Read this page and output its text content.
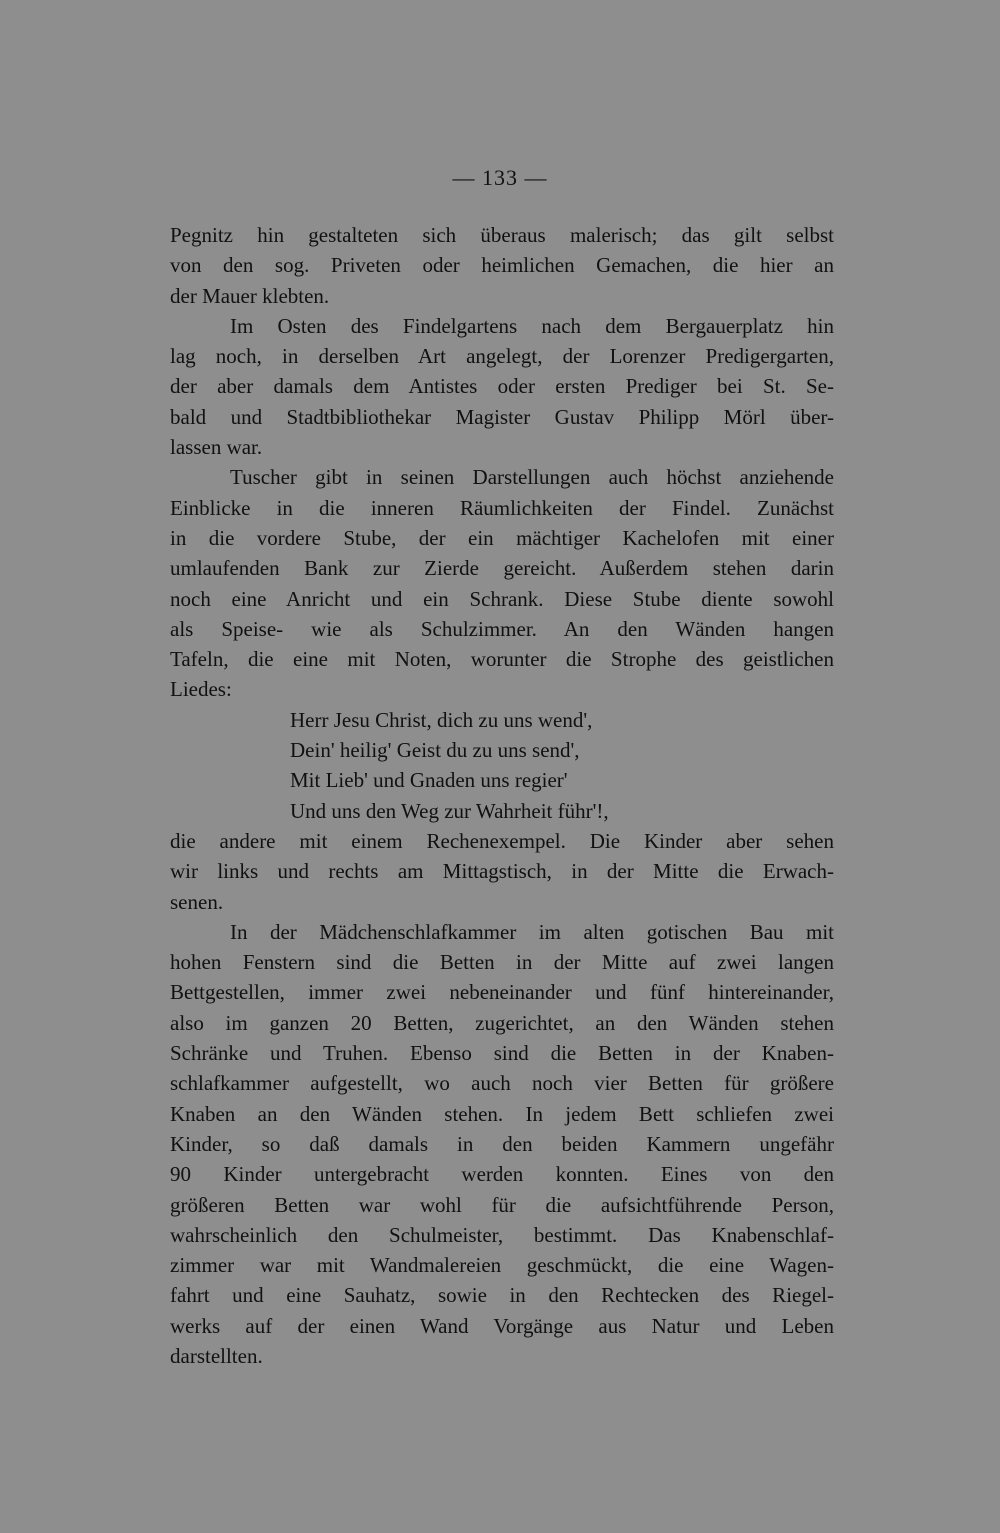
— 133 —
Pegnitz hin gestalteten sich überaus malerisch; das gilt selbst
von den sog. Priveten oder heimlichen Gemachen, die hier an
der Mauer klebten.
Im Osten des Findelgartens nach dem Bergauerplatz hin
lag noch, in derselben Art angelegt, der Lorenzer Predigergarten,
der aber damals dem Antistes oder ersten Prediger bei St. Se-
bald und Stadtbibliothekar Magister Gustav Philipp Mörl über-
lassen war.
Tuscher gibt in seinen Darstellungen auch höchst anziehende
Einblicke in die inneren Räumlichkeiten der Findel. Zunächst
in die vordere Stube, der ein mächtiger Kachelofen mit einer
umlaufenden Bank zur Zierde gereicht. Außerdem stehen darin
noch eine Anricht und ein Schrank. Diese Stube diente sowohl
als Speise- wie als Schulzimmer. An den Wänden hangen
Tafeln, die eine mit Noten, worunter die Strophe des geistlichen
Liedes:
Herr Jesu Christ, dich zu uns wend',
Dein' heilig' Geist du zu uns send',
Mit Lieb' und Gnaden uns regier'
Und uns den Weg zur Wahrheit führ'!,
die andere mit einem Rechenexempel. Die Kinder aber sehen
wir links und rechts am Mittagstisch, in der Mitte die Erwach-
senen.
In der Mädchenschlafkammer im alten gotischen Bau mit
hohen Fenstern sind die Betten in der Mitte auf zwei langen
Bettgestellen, immer zwei nebeneinander und fünf hintereinander,
also im ganzen 20 Betten, zugerichtet, an den Wänden stehen
Schränke und Truhen. Ebenso sind die Betten in der Knaben-
schlafkammer aufgestellt, wo auch noch vier Betten für größere
Knaben an den Wänden stehen. In jedem Bett schliefen zwei
Kinder, so daß damals in den beiden Kammern ungefähr
90 Kinder untergebracht werden konnten. Eines von den
größeren Betten war wohl für die aufsichtführende Person,
wahrscheinlich den Schulmeister, bestimmt. Das Knabenschlaf-
zimmer war mit Wandmalereien geschmückt, die eine Wagen-
fahrt und eine Sauhatz, sowie in den Rechtecken des Riegel-
werks auf der einen Wand Vorgänge aus Natur und Leben
darstellten.
